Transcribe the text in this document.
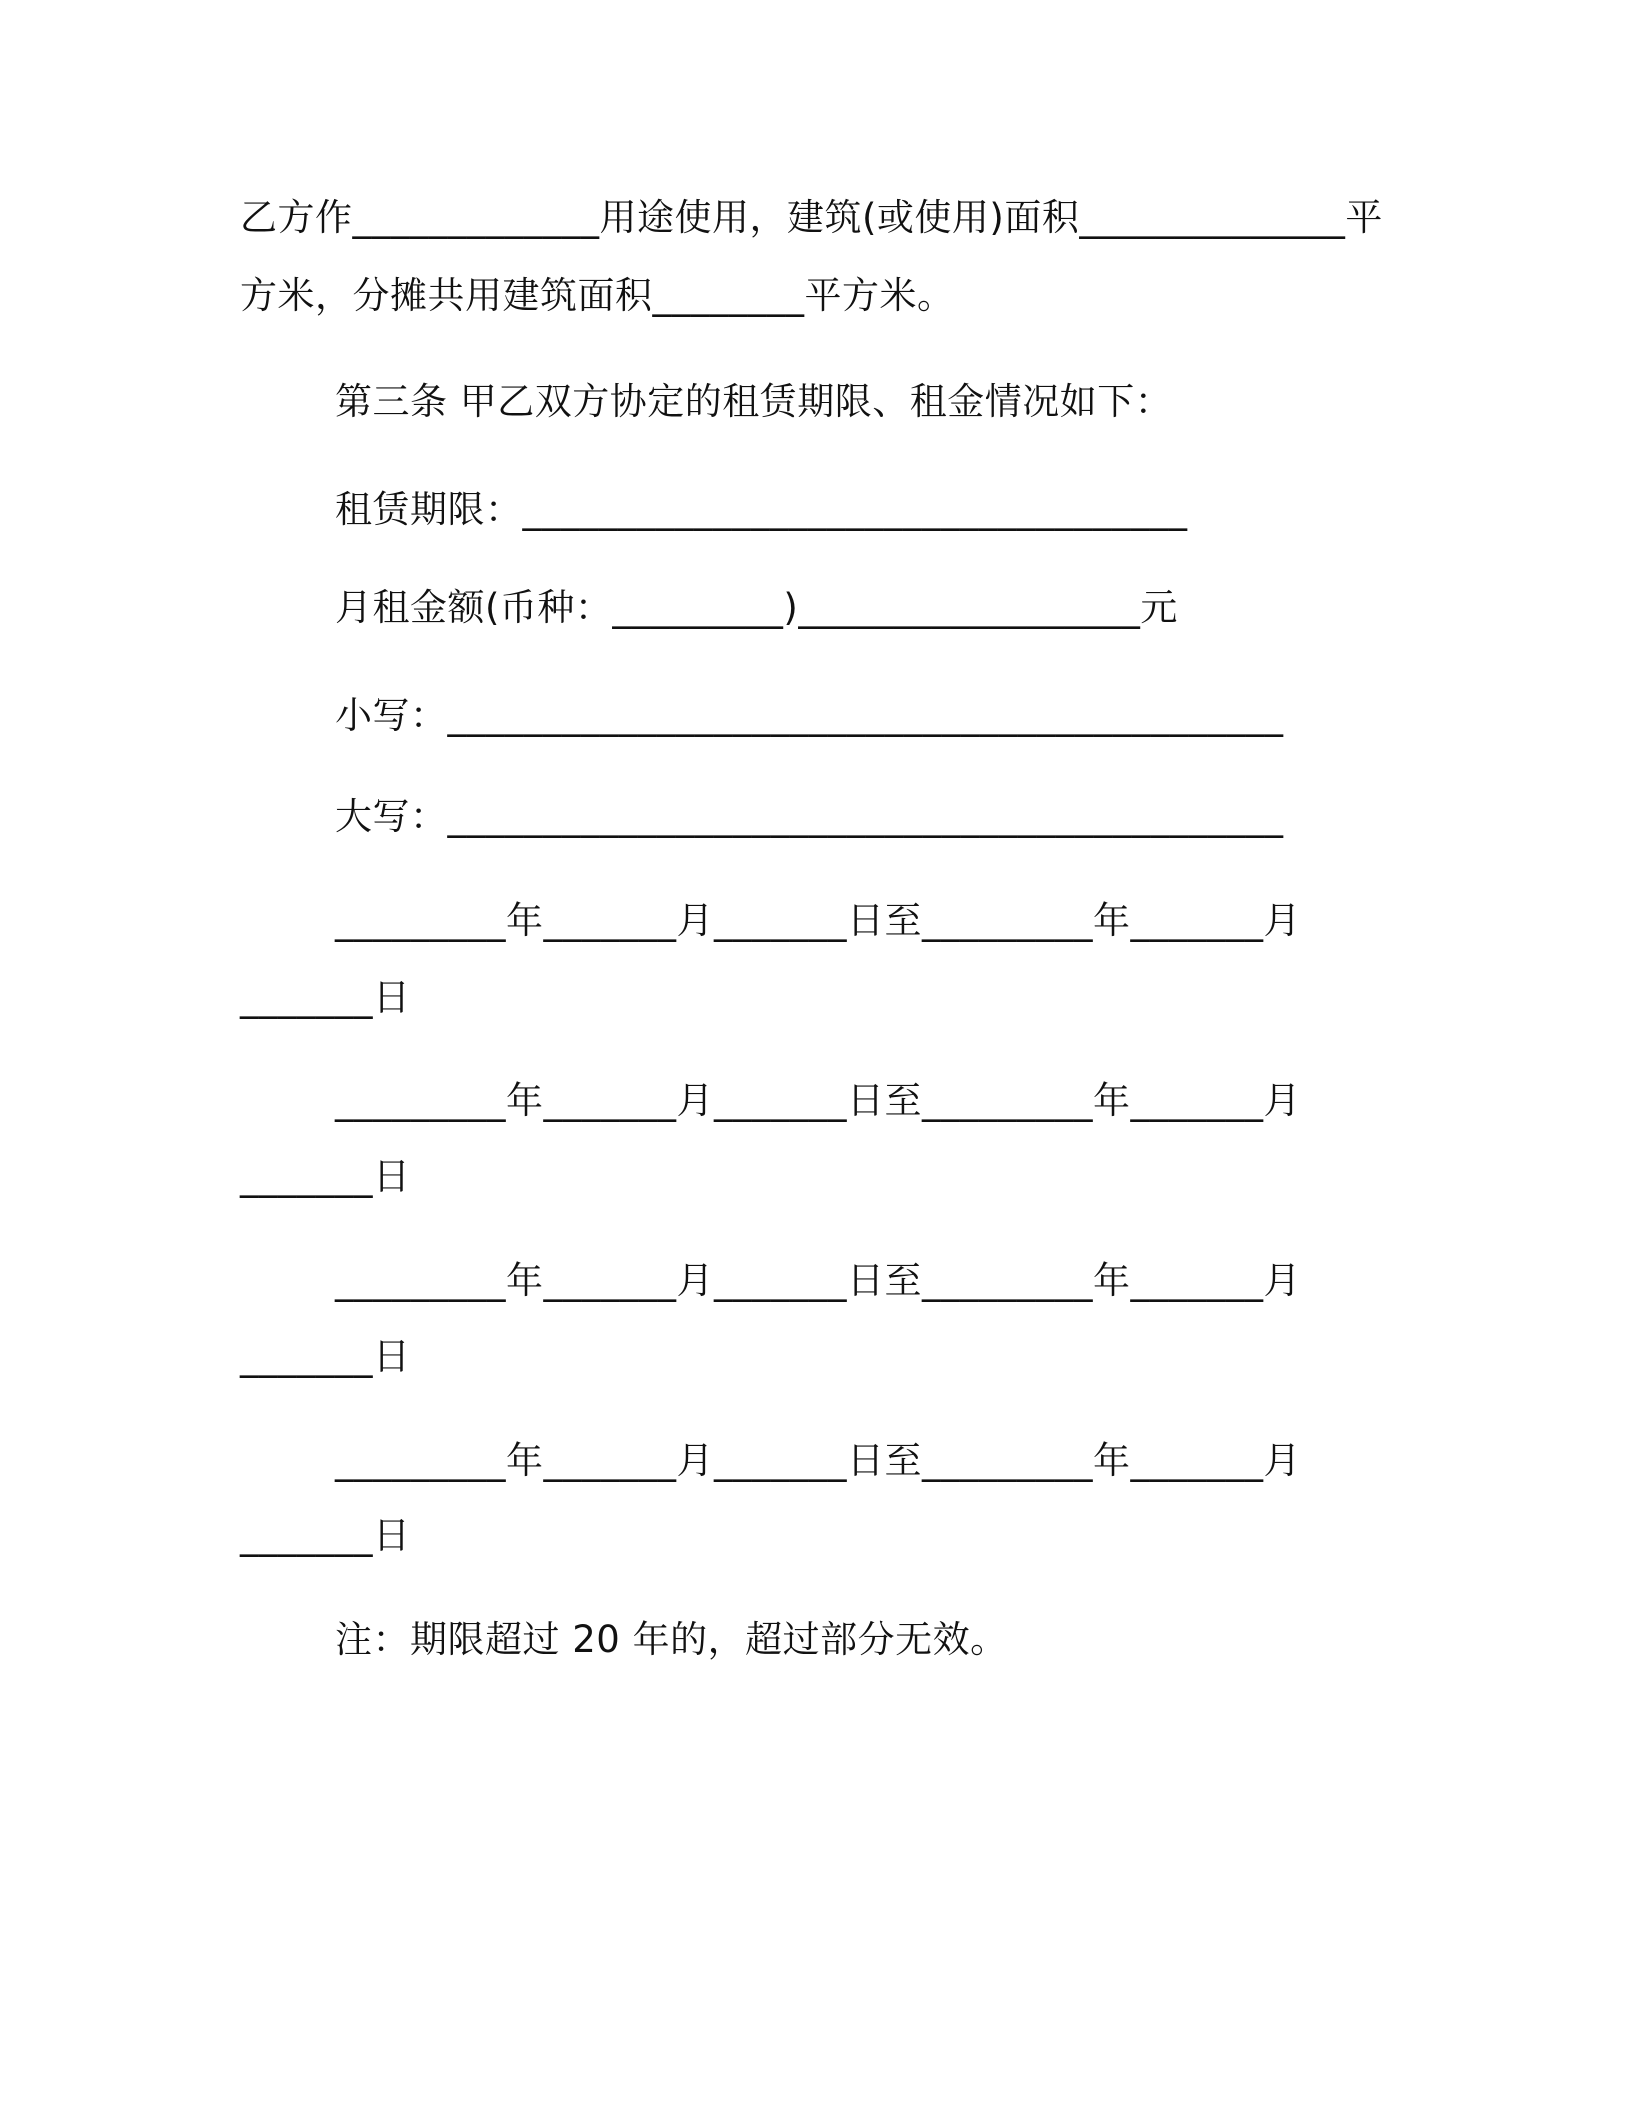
乙方作_____________用途使用，建筑(或使用)面积______________平
方米，分摊共用建筑面积________平方米。
第三条 甲乙双方协定的租赁期限、租金情况如下：
租赁期限：___________________________________
月租金额(币种：_________)__________________元
小写：____________________________________________
大写：____________________________________________
_________年_______月_______日至_________年_______月
_______日
_________年_______月_______日至_________年_______月
_______日
_________年_______月_______日至_________年_______月
_______日
_________年_______月_______日至_________年_______月
_______日
注：期限超过 20 年的，超过部分无效。
